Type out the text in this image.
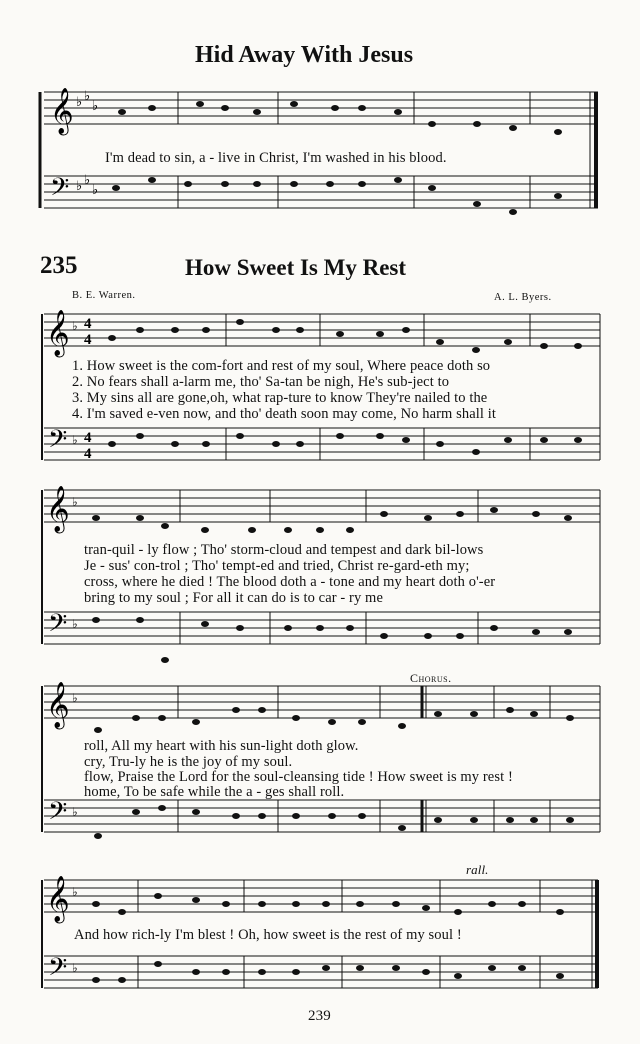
Hid Away With Jesus
𝄞
𝄢
♭ ♭
♭
♭ ♭
♭
I'm dead to sin, a - live in Christ, I'm washed in his blood.
235	How Sweet Is My Rest
B. E. Warren.	A. L. Byers.
𝄞
𝄢
♭
♭
4
4
4
4
1. How sweet is the com-fort and rest of my soul, Where peace doth so
2. No fears shall a-larm me, tho' Sa-tan be nigh, He's sub-ject to
3. My sins all are gone,oh, what rap-ture to know They're nailed to the
4. I'm saved e-ven now, and tho' death soon may come, No harm shall it
𝄞
𝄢
♭
♭
tran-quil - ly flow ; Tho' storm-cloud and tempest and dark bil-lows
Je - sus' con-trol ; Tho' tempt-ed and tried, Christ re-gard-eth my;
cross, where he died ! The blood doth a - tone and my heart doth o'-er
bring to my soul ; For all it can do is to car - ry me
Chorus.
𝄞
𝄢
♭
♭
roll, All my heart with his sun-light doth glow.
cry, Tru-ly he is the joy of my soul.
flow, Praise the Lord for the soul-cleansing tide ! How sweet is my rest !
home, To be safe while the a - ges shall roll.
rall.
𝄞
𝄢
♭
♭
And how rich-ly I'm blest ! Oh, how sweet is the rest of my soul !
239
